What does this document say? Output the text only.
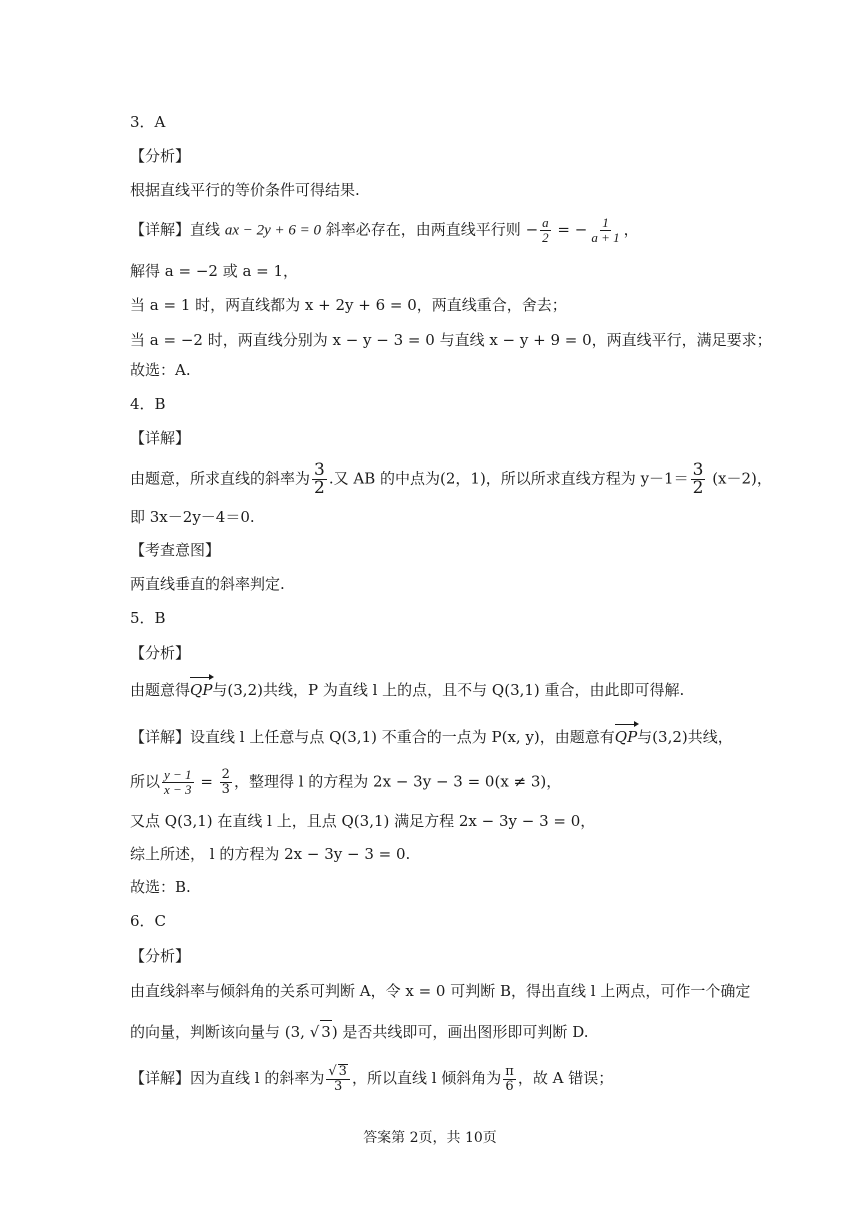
3．A
【分析】
根据直线平行的等价条件可得结果.
【详解】直线 ax − 2y + 6 = 0 斜率必存在，由两直线平行则 − $\frac{a}{2}$ = − $\frac{1}{a + 1}$ ，
解得 a = −2 或 a = 1，
当 a = 1 时，两直线都为 x + 2y + 6 = 0，两直线重合，舍去；
当 a = −2 时，两直线分别为 x − y − 3 = 0 与直线 x − y + 9 = 0，两直线平行，满足要求；
故选：A.
4．B
【详解】
由题意，所求直线的斜率为 $\frac{3}{2}$ .又 AB 的中点为(2，1)，所以所求直线方程为 $y-1= \frac{3}{2} (x-2)$，
即 3x－2y－4＝0.
【考查意图】
两直线垂直的斜率判定.
5．B
【分析】
由题意得QP与(3,2)共线，P 为直线 l 上的点，且不与 Q(3,1) 重合，由此即可得解.
【详解】设直线 l 上任意与点 Q(3,1) 不重合的一点为 P(x, y)，由题意有QP与(3,2)共线，
所以 $\frac{y - 1}{x - 3} = \frac{2}{3}$ ，整理得 l 的方程为 2x − 3y − 3 = 0(x ≠ 3)，
又点 Q(3,1) 在直线 l 上，且点 Q(3,1) 满足方程 2x − 3y − 3 = 0，
综上所述， l 的方程为 2x − 3y − 3 = 0.
故选：B.
6．C
【分析】
由直线斜率与倾斜角的关系可判断 A，令 x = 0 可判断 B，得出直线 l 上两点，可作一个确定
的向量，判断该向量与 (3, √ 3) 是否共线即可，画出图形即可判断 D.
【详解】因为直线 l 的斜率为 $\frac{√ 3}{3}$ ，所以直线 l 倾斜角为 $\frac{\pi}{6}$ ，故 A 错误；
答案第 2页，共 10页
